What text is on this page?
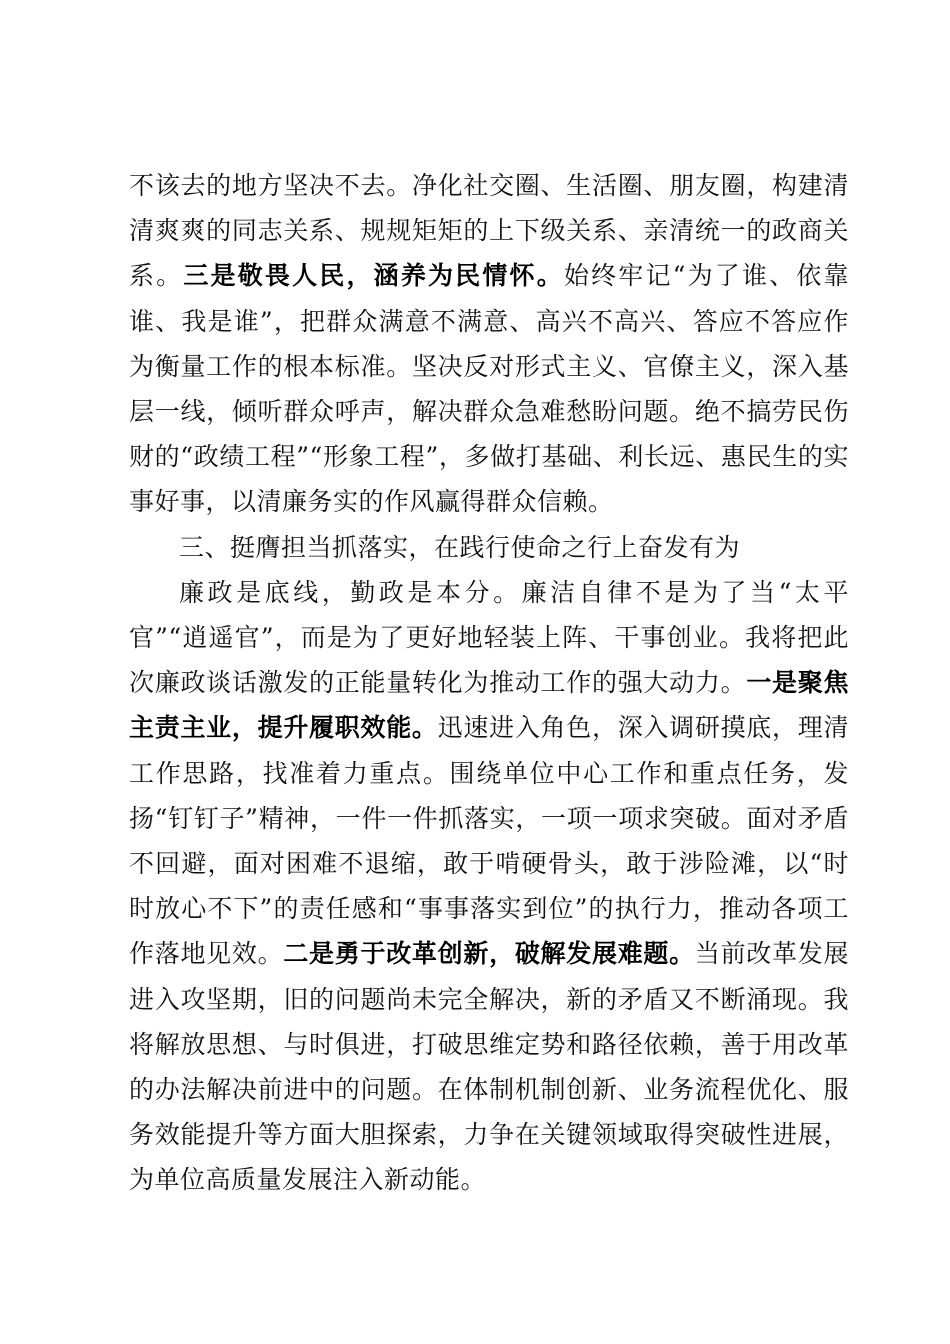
不该去的地方坚决不去。净化社交圈、生活圈、朋友圈，构建清清爽爽的同志关系、规规矩矩的上下级关系、亲清统一的政商关系。三是敬畏人民，涵养为民情怀。始终牢记“为了谁、依靠谁、我是谁”，把群众满意不满意、高兴不高兴、答应不答应作为衡量工作的根本标准。坚决反对形式主义、官僚主义，深入基层一线，倾听群众呼声，解决群众急难愁盼问题。绝不搞劳民伤财的“政绩工程”“形象工程”，多做打基础、利长远、惠民生的实事好事，以清廉务实的作风赢得群众信赖。

三、挺膺担当抓落实，在践行使命之行上奋发有为

廉政是底线，勤政是本分。廉洁自律不是为了当“太平官”“逍遥官”，而是为了更好地轻装上阵、干事创业。我将把此次廉政谈话激发的正能量转化为推动工作的强大动力。一是聚焦主责主业，提升履职效能。迅速进入角色，深入调研摸底，理清工作思路，找准着力重点。围绕单位中心工作和重点任务，发扬“钉钉子”精神，一件一件抓落实，一项一项求突破。面对矛盾不回避，面对困难不退缩，敢于啃硬骨头，敢于涉险滩，以“时时放心不下”的责任感和“事事落实到位”的执行力，推动各项工作落地见效。二是勇于改革创新，破解发展难题。当前改革发展进入攻坚期，旧的问题尚未完全解决，新的矛盾又不断涌现。我将解放思想、与时俱进，打破思维定势和路径依赖，善于用改革的办法解决前进中的问题。在体制机制创新、业务流程优化、服务效能提升等方面大胆探索，力争在关键领域取得突破性进展，为单位高质量发展注入新动能。
